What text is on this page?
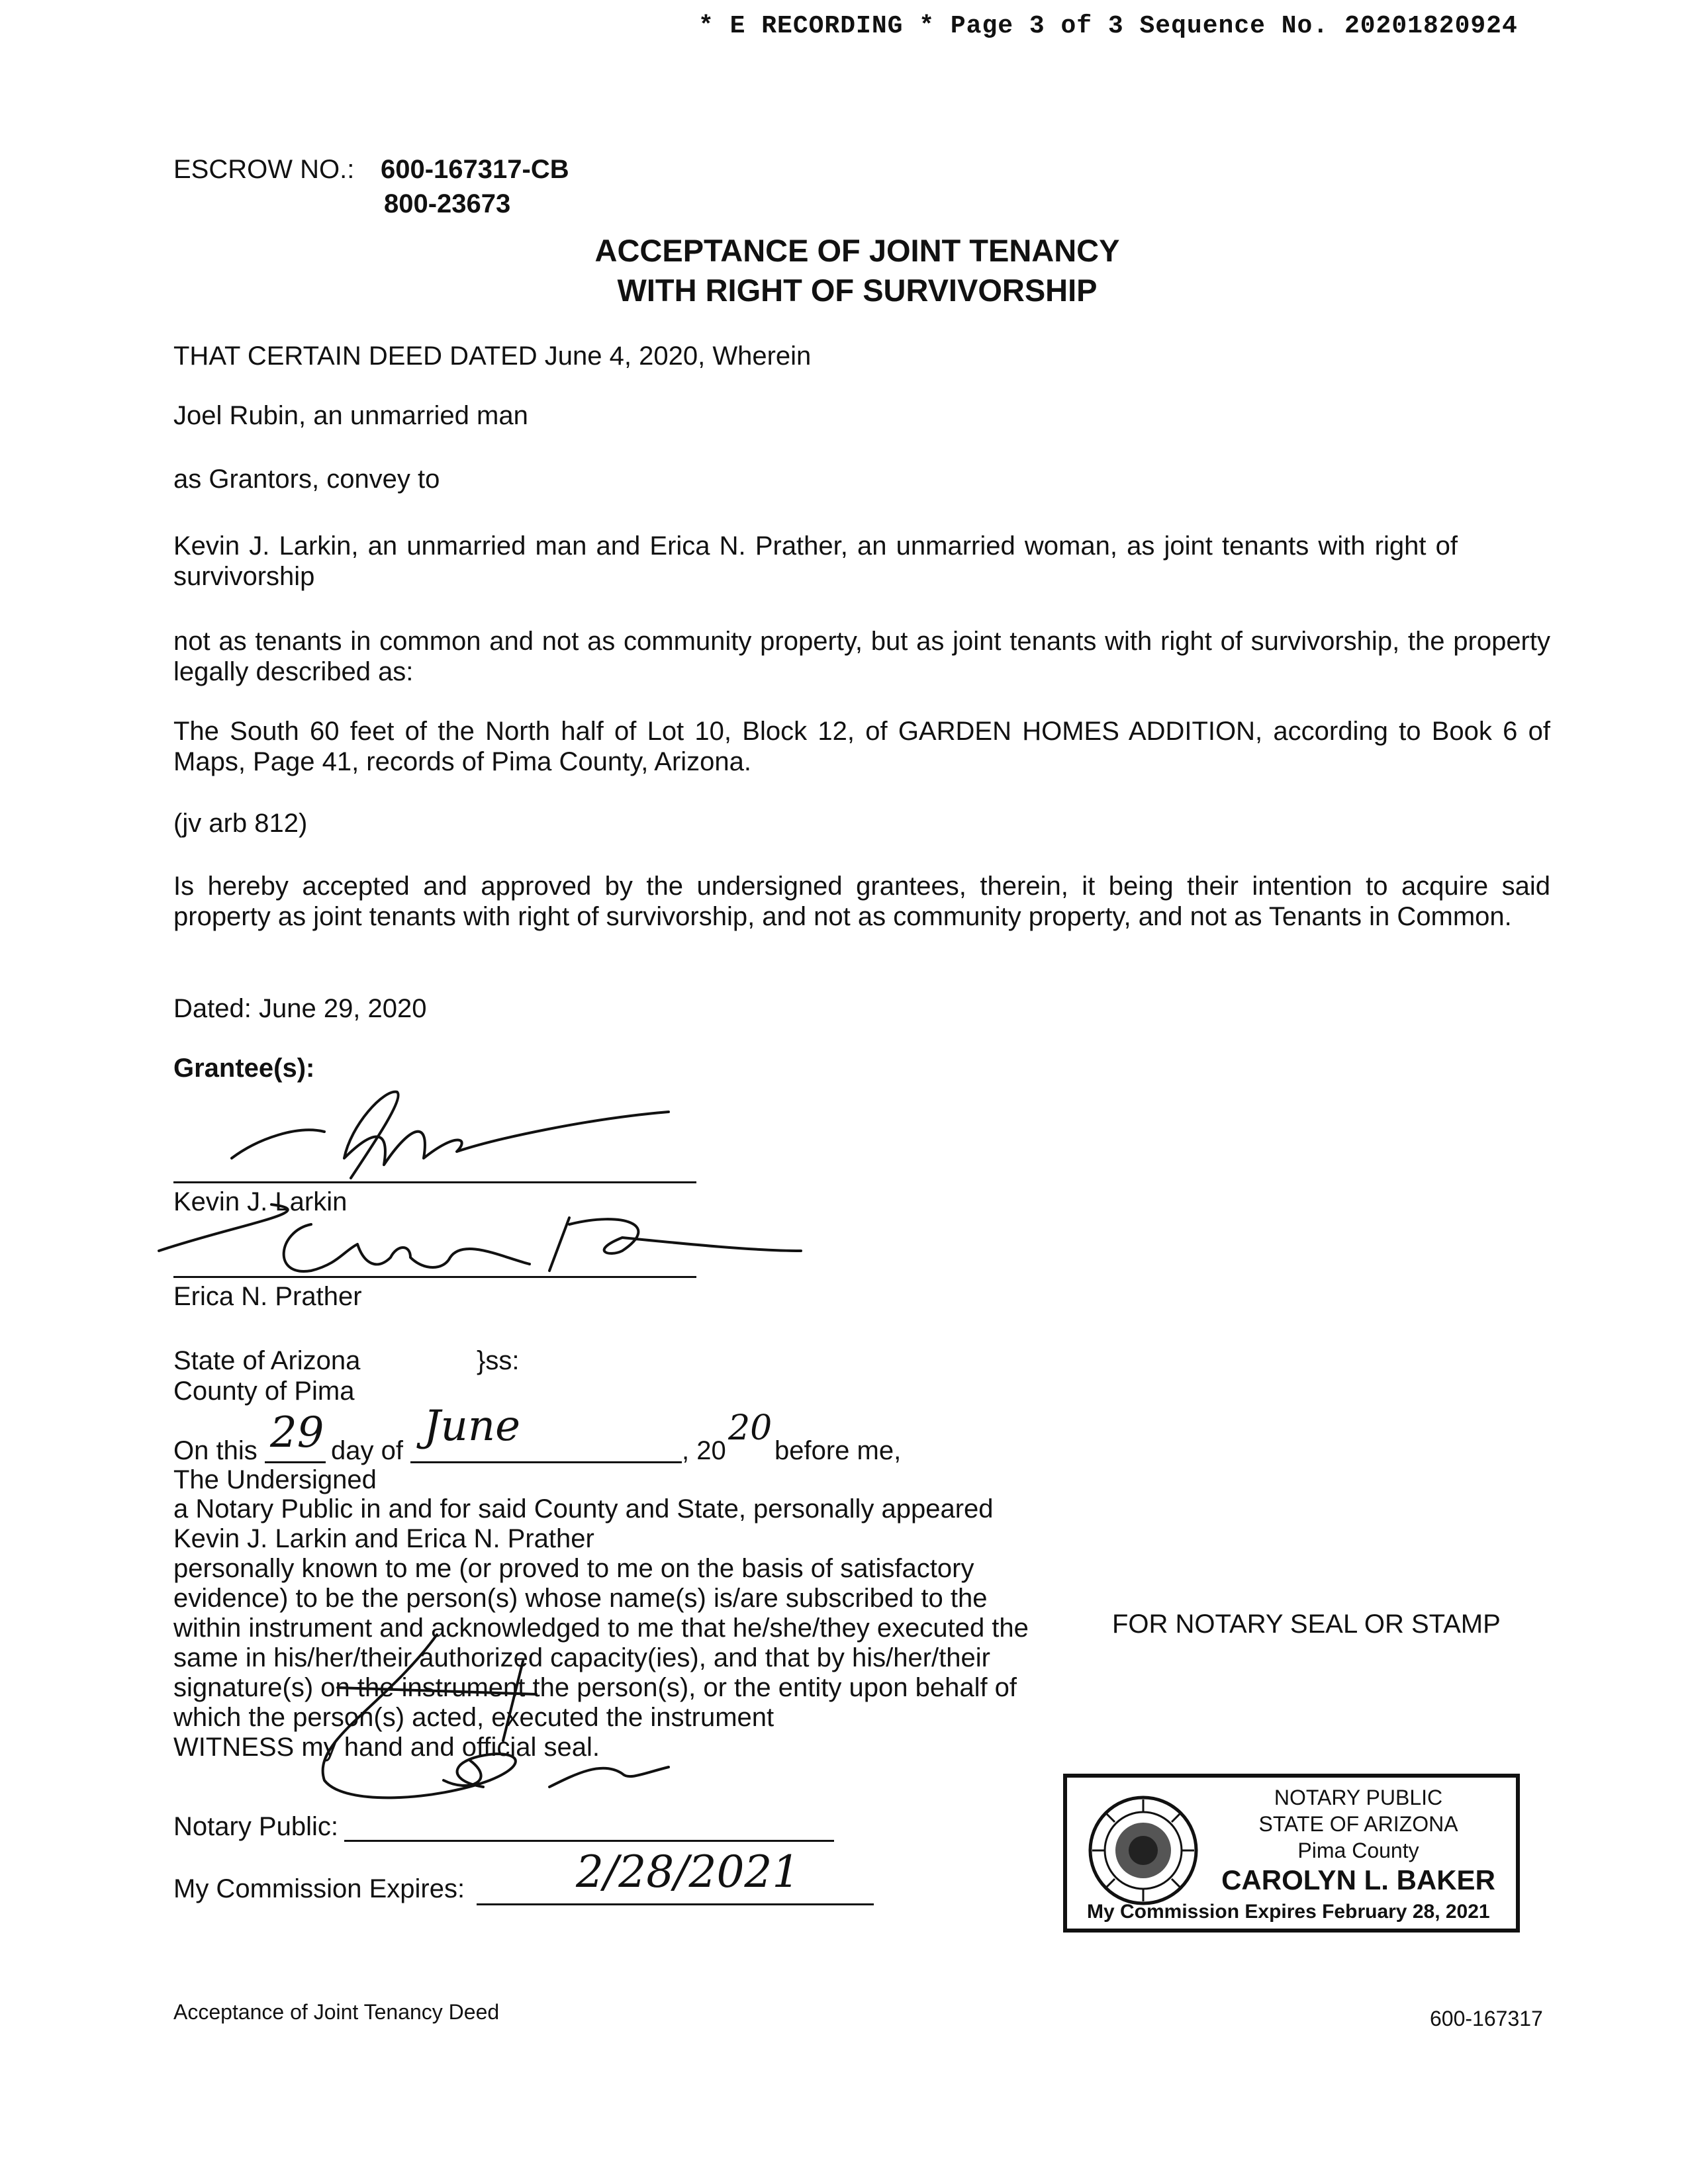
* E RECORDING * Page 3 of 3 Sequence No. 20201820924
ESCROW NO.: 600-167317-CB
800-23673
ACCEPTANCE OF JOINT TENANCY
WITH RIGHT OF SURVIVORSHIP
THAT CERTAIN DEED DATED June 4, 2020, Wherein
Joel Rubin, an unmarried man
as Grantors, convey to
Kevin J. Larkin, an unmarried man and Erica N. Prather, an unmarried woman, as joint tenants with right of survivorship
not as tenants in common and not as community property, but as joint tenants with right of survivorship, the property legally described as:
The South 60 feet of the North half of Lot 10, Block 12, of GARDEN HOMES ADDITION, according to Book 6 of Maps, Page 41, records of Pima County, Arizona.
(jv arb 812)
Is hereby accepted and approved by the undersigned grantees, therein, it being their intention to acquire said property as joint tenants with right of survivorship, and not as community property, and not as Tenants in Common.
Dated: June 29, 2020
Grantee(s):
Kevin J. Larkin
Erica N. Prather
State of Arizona
County of Pima
}ss:
On this 29 day of June	, 20
20
before me,
The Undersigned
a Notary Public in and for said County and State, personally appeared
Kevin J. Larkin and Erica N. Prather
personally known to me (or proved to me on the basis of satisfactory
evidence) to be the person(s) whose name(s) is/are subscribed to the
within instrument and acknowledged to me that he/she/they executed the
same in his/her/their authorized capacity(ies), and that by his/her/their
signature(s) on the instrument the person(s), or the entity upon behalf of
which the person(s) acted, executed the instrument
WITNESS my hand and official seal.
Notary Public:
My Commission Expires:	2/28/2021
FOR NOTARY SEAL OR STAMP
NOTARY PUBLIC
STATE OF ARIZONA
Pima County
CAROLYN L. BAKER
My Commission Expires February 28, 2021
Acceptance of Joint Tenancy Deed	600-167317
